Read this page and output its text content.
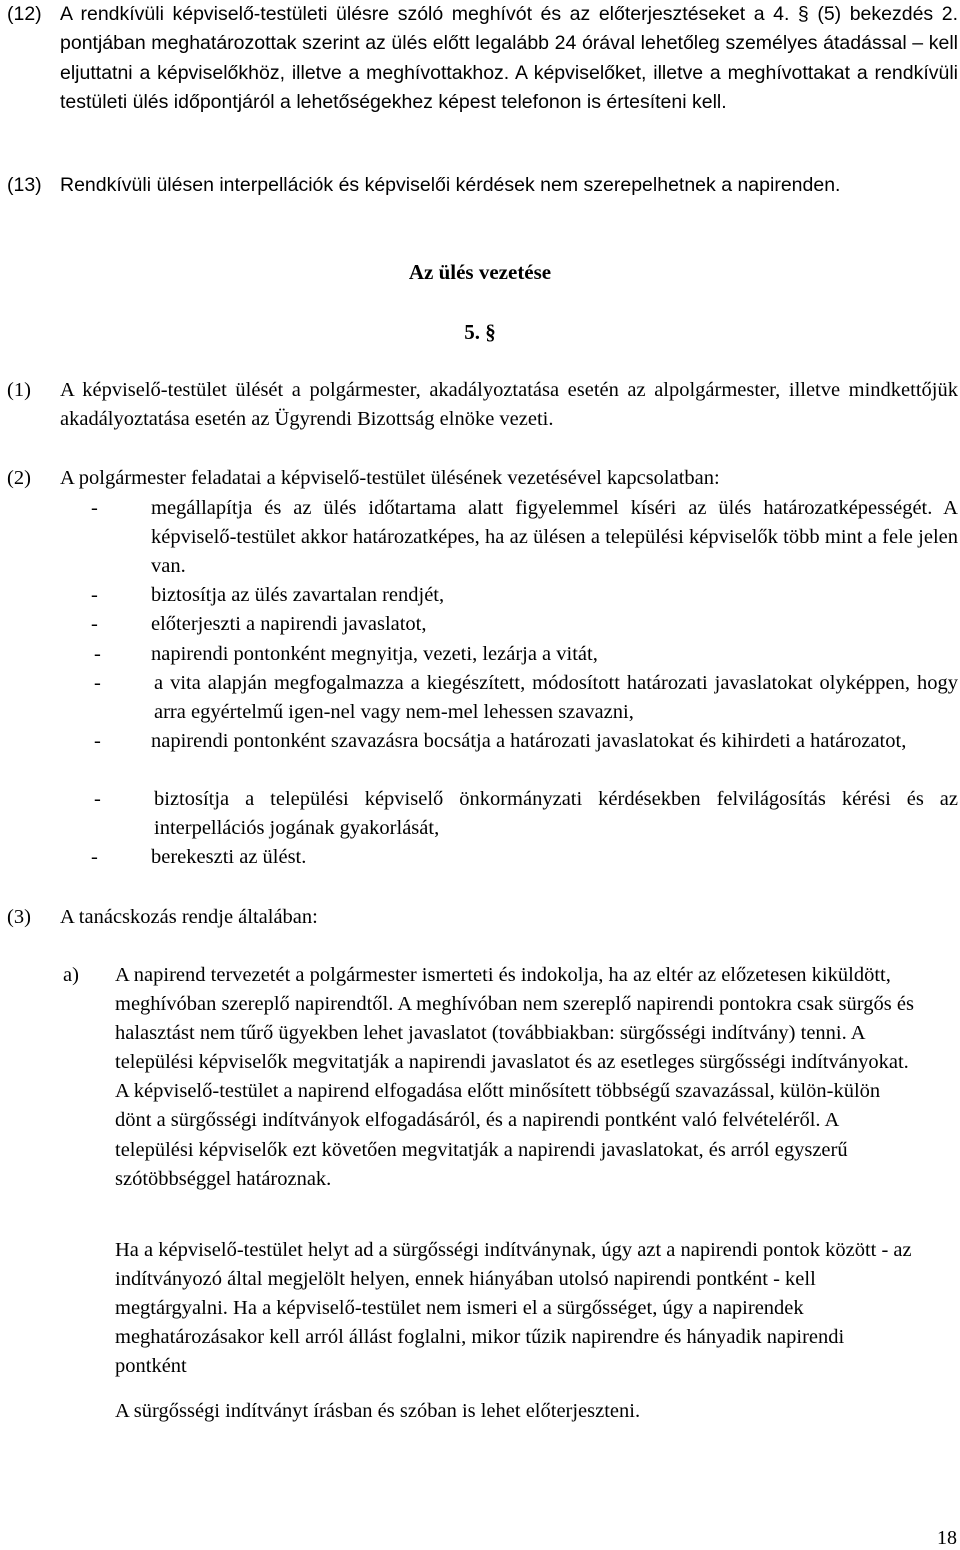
(12) A rendkívüli képviselő-testületi ülésre szóló meghívót és az előterjesztéseket a 4. § (5) bekezdés 2. pontjában meghatározottak szerint az ülés előtt legalább 24 órával lehetőleg személyes átadással – kell eljuttatni a képviselőkhöz, illetve a meghívottakhoz. A képviselőket, illetve a meghívottakat a rendkívüli testületi ülés időpontjáról a lehetőségekhez képest telefonon is értesíteni kell.
(13) Rendkívüli ülésen interpellációk és képviselői kérdések nem szerepelhetnek a napirenden.
Az ülés vezetése
5. §
(1) A képviselő-testület ülését a polgármester, akadályoztatása esetén az alpolgármester, illetve mindkettőjük akadályoztatása esetén az Ügyrendi Bizottság elnöke vezeti.
(2) A polgármester feladatai a képviselő-testület ülésének vezetésével kapcsolatban:
-	megállapítja és az ülés időtartama alatt figyelemmel kíséri az ülés határozatképességét. A képviselő-testület akkor határozatképes, ha az ülésen a települési képviselők több mint a fele jelen van.
-	biztosítja az ülés zavartalan rendjét,
-	előterjeszti a napirendi javaslatot,
- napirendi pontonként megnyitja, vezeti, lezárja a vitát,
-	a vita alapján megfogalmazza a kiegészített, módosított határozati javaslatokat olyképpen, hogy arra egyértelmű igen-nel vagy nem-mel lehessen szavazni,
- napirendi pontonként szavazásra bocsátja a határozati javaslatokat és kihirdeti a határozatot,
-	biztosítja a települési képviselő önkormányzati kérdésekben felvilágosítás kérési és az interpellációs jogának gyakorlását,
-	berekeszti az ülést.
(3) A tanácskozás rendje általában:
a) A napirend tervezetét a polgármester ismerteti és indokolja, ha az eltér az előzetesen kiküldött, meghívóban szereplő napirendtől. A meghívóban nem szereplő napirendi pontokra csak sürgős és halasztást nem tűrő ügyekben lehet javaslatot (továbbiakban: sürgősségi indítvány) tenni. A települési képviselők megvitatják a napirendi javaslatot és az esetleges sürgősségi indítványokat. A képviselő-testület a napirend elfogadása előtt minősített többségű szavazással, külön-külön dönt a sürgősségi indítványok elfogadásáról, és a napirendi pontként való felvételéről. A települési képviselők ezt követően megvitatják a napirendi javaslatokat, és arról egyszerű szótöbbséggel határoznak.
Ha a képviselő-testület helyt ad a sürgősségi indítványnak, úgy azt a napirendi pontok között - az indítványozó által megjelölt helyen, ennek hiányában utolsó napirendi pontként - kell megtárgyalni. Ha a képviselő-testület nem ismeri el a sürgősséget, úgy a napirendek meghatározásakor kell arról állást foglalni, mikor tűzik napirendre és hányadik napirendi pontként
A sürgősségi indítványt írásban és szóban is lehet előterjeszteni.
18
